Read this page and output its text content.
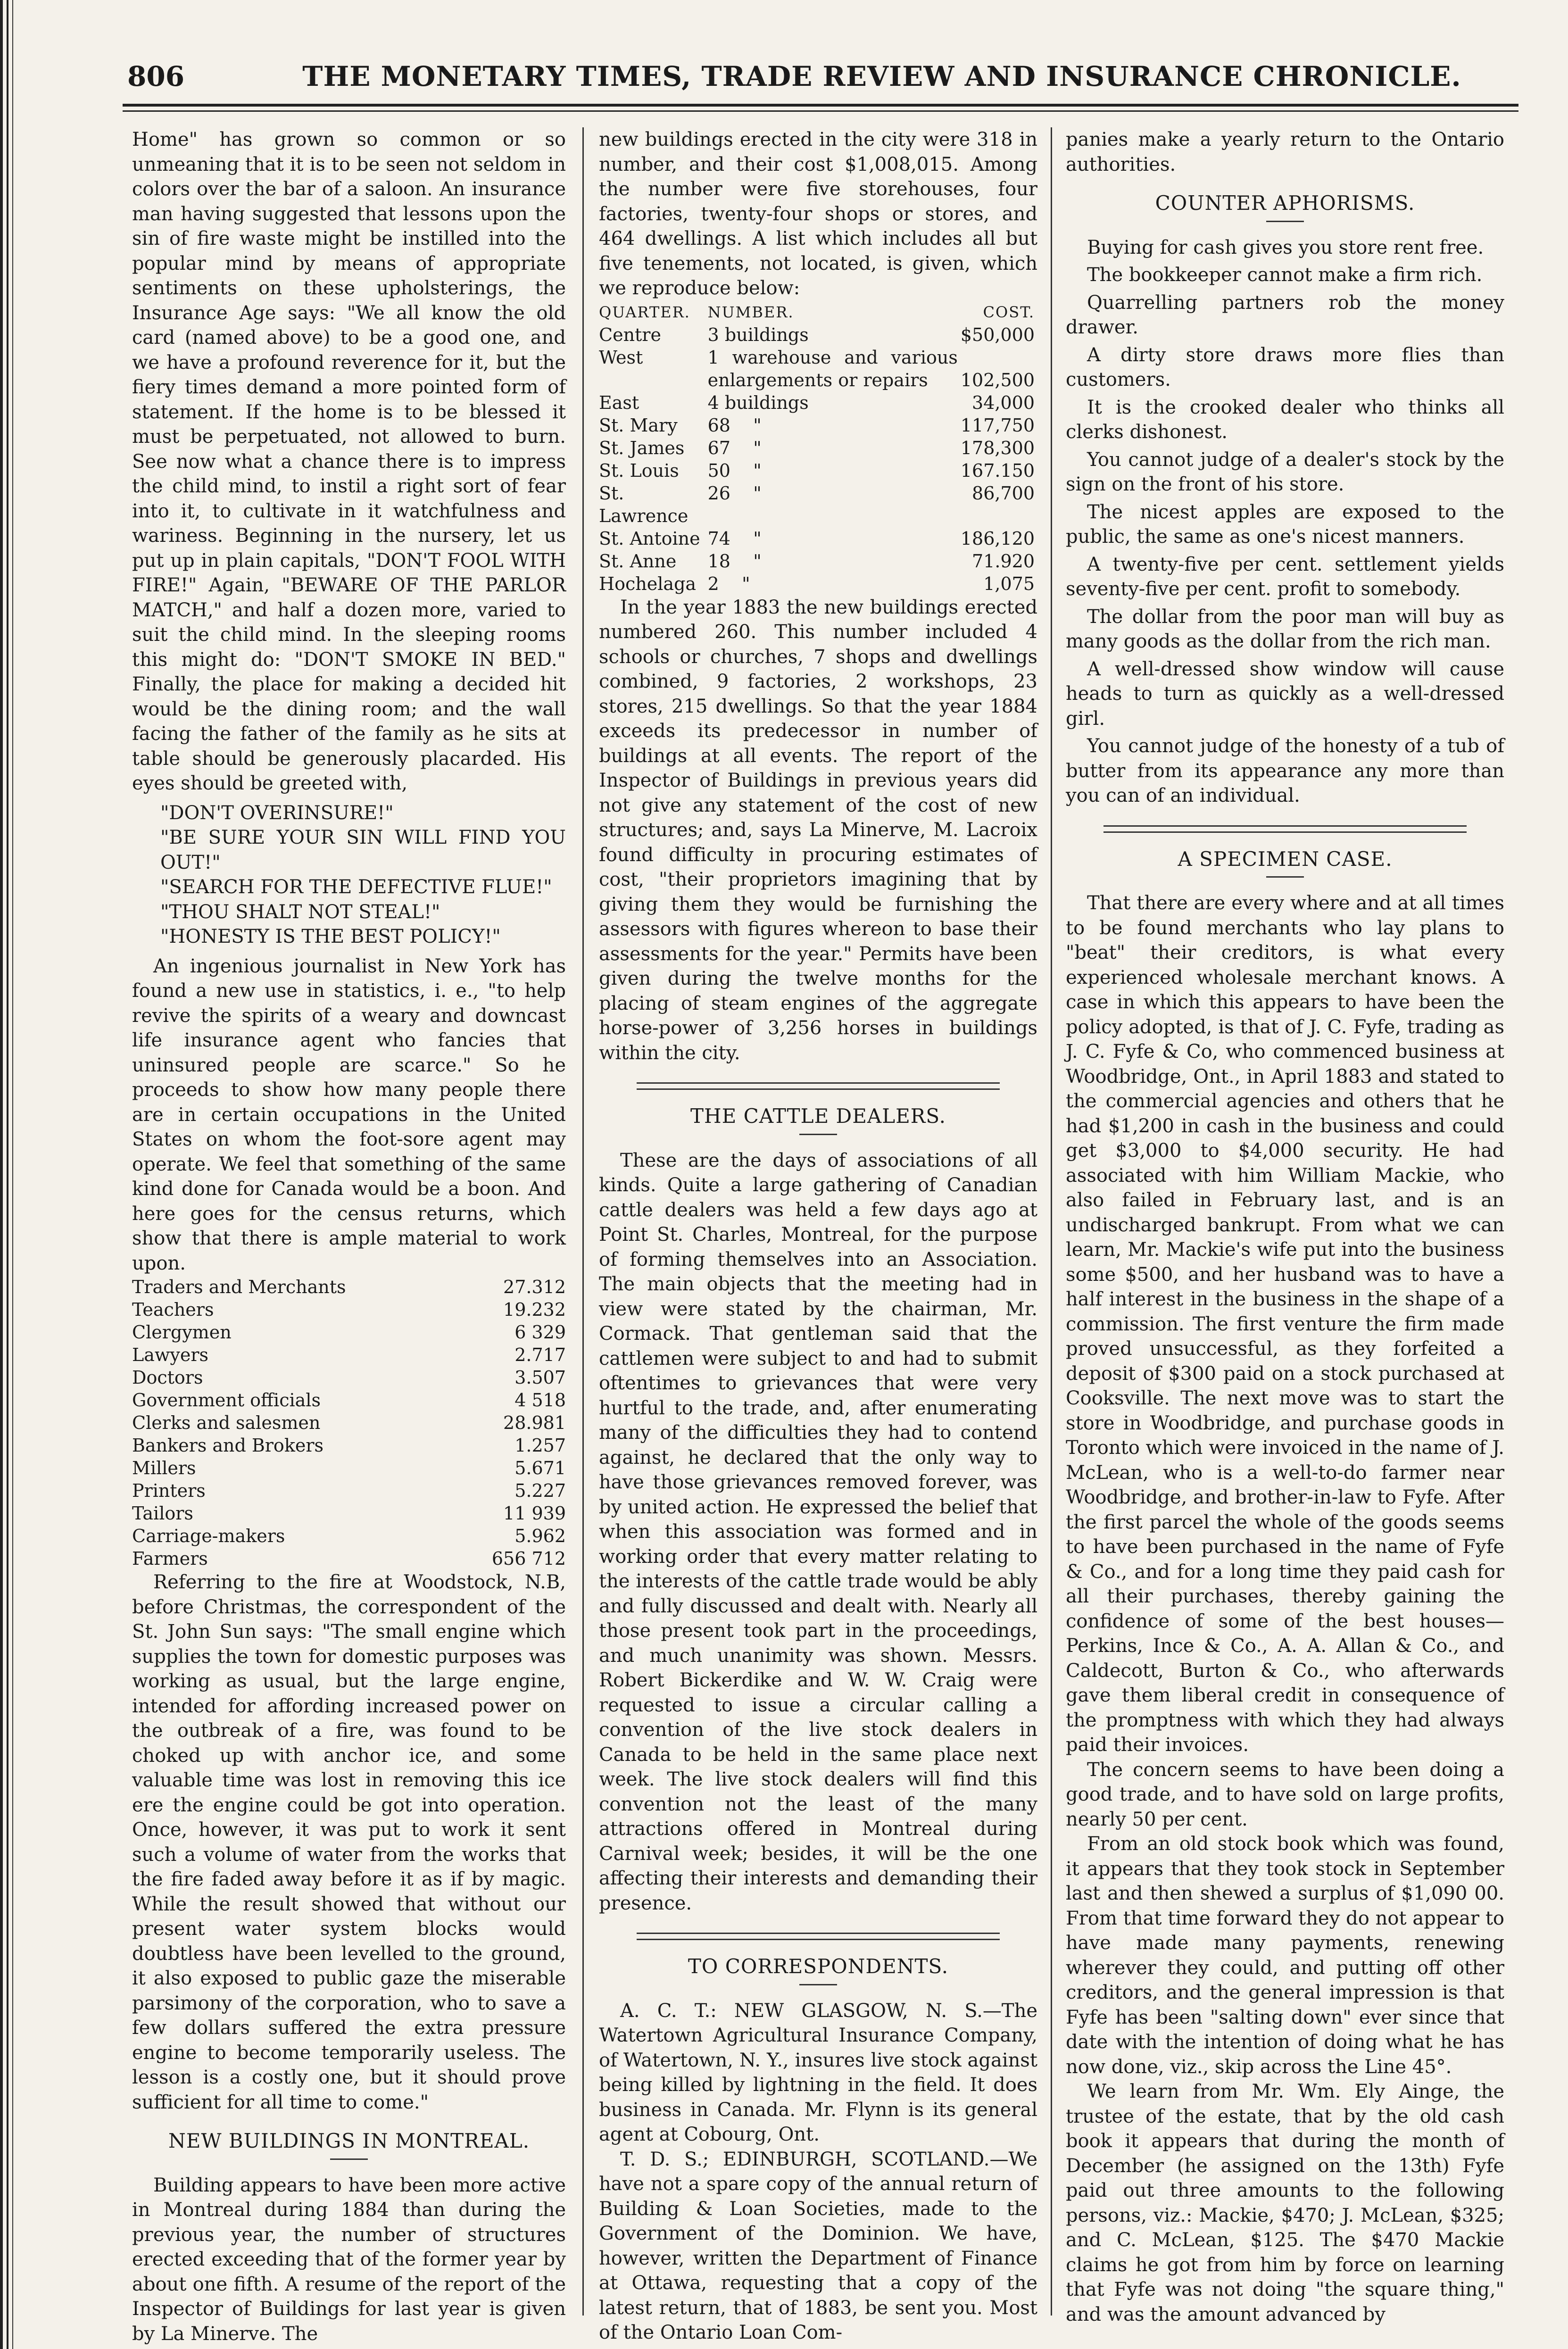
806	THE MONETARY TIMES, TRADE REVIEW AND INSURANCE CHRONICLE.

Home" has grown so common or so unmeaning that it is to be seen not seldom in colors over the bar of a saloon. An insurance man having suggested that lessons upon the sin of fire waste might be instilled into the popular mind by means of appropriate sentiments on these upholsterings, the Insurance Age says: "We all know the old card (named above) to be a good one, and we have a profound reverence for it, but the fiery times demand a more pointed form of statement. If the home is to be blessed it must be perpetuated, not allowed to burn. See now what a chance there is to impress the child mind, to instil a right sort of fear into it, to cultivate in it watchfulness and wariness. Beginning in the nursery, let us put up in plain capitals, "DON'T FOOL WITH FIRE!" Again, "BEWARE OF THE PARLOR MATCH," and half a dozen more, varied to suit the child mind. In the sleeping rooms this might do: "DON'T SMOKE IN BED." Finally, the place for making a decided hit would be the dining room; and the wall facing the father of the family as he sits at table should be generously placarded. His eyes should be greeted with,

"DON'T OVERINSURE!"
"BE SURE YOUR SIN WILL FIND YOU OUT!"
"SEARCH FOR THE DEFECTIVE FLUE!"
"THOU SHALT NOT STEAL!"
"HONESTY IS THE BEST POLICY!"

An ingenious journalist in New York has found a new use in statistics, i. e., "to help revive the spirits of a weary and downcast life insurance agent who fancies that uninsured people are scarce." So he proceeds to show how many people there are in certain occupations in the United States on whom the foot-sore agent may operate. We feel that something of the same kind done for Canada would be a boon. And here goes for the census returns, which show that there is ample material to work upon.

Traders and Merchants	27.312
Teachers	19.232
Clergymen	6 329
Lawyers	2.717
Doctors	3.507
Government officials	4 518
Clerks and salesmen	28.981
Bankers and Brokers	1.257
Millers	5.671
Printers	5.227
Tailors	11 939
Carriage-makers	5.962
Farmers	656 712

Referring to the fire at Woodstock, N.B, before Christmas, the correspondent of the St. John Sun says: "The small engine which supplies the town for domestic purposes was working as usual, but the large engine, intended for affording increased power on the outbreak of a fire, was found to be choked up with anchor ice, and some valuable time was lost in removing this ice ere the engine could be got into operation. Once, however, it was put to work it sent such a volume of water from the works that the fire faded away before it as if by magic. While the result showed that without our present water system blocks would doubtless have been levelled to the ground, it also exposed to public gaze the miserable parsimony of the corporation, who to save a few dollars suffered the extra pressure engine to become temporarily useless. The lesson is a costly one, but it should prove sufficient for all time to come."

NEW BUILDINGS IN MONTREAL.

Building appears to have been more active in Montreal during 1884 than during the previous year, the number of structures erected exceeding that of the former year by about one fifth. A resume of the report of the Inspector of Buildings for last year is given by La Minerve. The

new buildings erected in the city were 318 in number, and their cost $1,008,015. Among the number were five storehouses, four factories, twenty-four shops or stores, and 464 dwellings. A list which includes all but five tenements, not located, is given, which we reproduce below:

QUARTER.	NUMBER.	COST.
Centre	3 buildings	$50,000
West	1 warehouse and various enlargements or repairs	102,500
East	4 buildings	34,000
St. Mary	68 "	117,750
St. James	67 "	178,300
St. Louis	50 "	167.150
St. Lawrence	26 "	86,700
St. Antoine	74 "	186,120
St. Anne	18 "	71.920
Hochelaga	2 "	1,075

In the year 1883 the new buildings erected numbered 260. This number included 4 schools or churches, 7 shops and dwellings combined, 9 factories, 2 workshops, 23 stores, 215 dwellings. So that the year 1884 exceeds its predecessor in number of buildings at all events. The report of the Inspector of Buildings in previous years did not give any statement of the cost of new structures; and, says La Minerve, M. Lacroix found difficulty in procuring estimates of cost, "their proprietors imagining that by giving them they would be furnishing the assessors with figures whereon to base their assessments for the year." Permits have been given during the twelve months for the placing of steam engines of the aggregate horse-power of 3,256 horses in buildings within the city.

THE CATTLE DEALERS.

These are the days of associations of all kinds. Quite a large gathering of Canadian cattle dealers was held a few days ago at Point St. Charles, Montreal, for the purpose of forming themselves into an Association. The main objects that the meeting had in view were stated by the chairman, Mr. Cormack. That gentleman said that the cattlemen were subject to and had to submit oftentimes to grievances that were very hurtful to the trade, and, after enumerating many of the difficulties they had to contend against, he declared that the only way to have those grievances removed forever, was by united action. He expressed the belief that when this association was formed and in working order that every matter relating to the interests of the cattle trade would be ably and fully discussed and dealt with. Nearly all those present took part in the proceedings, and much unanimity was shown. Messrs. Robert Bickerdike and W. W. Craig were requested to issue a circular calling a convention of the live stock dealers in Canada to be held in the same place next week. The live stock dealers will find this convention not the least of the many attractions offered in Montreal during Carnival week; besides, it will be the one affecting their interests and demanding their presence.

TO CORRESPONDENTS.

A. C. T.: NEW GLASGOW, N. S.—The Watertown Agricultural Insurance Company, of Watertown, N. Y., insures live stock against being killed by lightning in the field. It does business in Canada. Mr. Flynn is its general agent at Cobourg, Ont.

T. D. S.; EDINBURGH, SCOTLAND.—We have not a spare copy of the annual return of Building & Loan Societies, made to the Government of the Dominion. We have, however, written the Department of Finance at Ottawa, requesting that a copy of the latest return, that of 1883, be sent you. Most of the Ontario Loan Com-

panies make a yearly return to the Ontario authorities.

COUNTER APHORISMS.
Buying for cash gives you store rent free.
The bookkeeper cannot make a firm rich.
Quarrelling partners rob the money drawer.
A dirty store draws more flies than customers.
It is the crooked dealer who thinks all clerks dishonest.
You cannot judge of a dealer's stock by the sign on the front of his store.
The nicest apples are exposed to the public, the same as one's nicest manners.
A twenty-five per cent. settlement yields seventy-five per cent. profit to somebody.
The dollar from the poor man will buy as many goods as the dollar from the rich man.
A well-dressed show window will cause heads to turn as quickly as a well-dressed girl.
You cannot judge of the honesty of a tub of butter from its appearance any more than you can of an individual.
A SPECIMEN CASE.

That there are every where and at all times to be found merchants who lay plans to "beat" their creditors, is what every experienced wholesale merchant knows. A case in which this appears to have been the policy adopted, is that of J. C. Fyfe, trading as J. C. Fyfe & Co, who commenced business at Woodbridge, Ont., in April 1883 and stated to the commercial agencies and others that he had $1,200 in cash in the business and could get $3,000 to $4,000 security. He had associated with him William Mackie, who also failed in February last, and is an undischarged bankrupt. From what we can learn, Mr. Mackie's wife put into the business some $500, and her husband was to have a half interest in the business in the shape of a commission. The first venture the firm made proved unsuccessful, as they forfeited a deposit of $300 paid on a stock purchased at Cooksville. The next move was to start the store in Woodbridge, and purchase goods in Toronto which were invoiced in the name of J. McLean, who is a well-to-do farmer near Woodbridge, and brother-in-law to Fyfe. After the first parcel the whole of the goods seems to have been purchased in the name of Fyfe & Co., and for a long time they paid cash for all their purchases, thereby gaining the confidence of some of the best houses—Perkins, Ince & Co., A. A. Allan & Co., and Caldecott, Burton & Co., who afterwards gave them liberal credit in consequence of the promptness with which they had always paid their invoices.

The concern seems to have been doing a good trade, and to have sold on large profits, nearly 50 per cent.

From an old stock book which was found, it appears that they took stock in September last and then shewed a surplus of $1,090 00. From that time forward they do not appear to have made many payments, renewing wherever they could, and putting off other creditors, and the general impression is that Fyfe has been "salting down" ever since that date with the intention of doing what he has now done, viz., skip across the Line 45°.

We learn from Mr. Wm. Ely Ainge, the trustee of the estate, that by the old cash book it appears that during the month of December (he assigned on the 13th) Fyfe paid out three amounts to the following persons, viz.: Mackie, $470; J. McLean, $325; and C. McLean, $125. The $470 Mackie claims he got from him by force on learning that Fyfe was not doing "the square thing," and was the amount advanced by
